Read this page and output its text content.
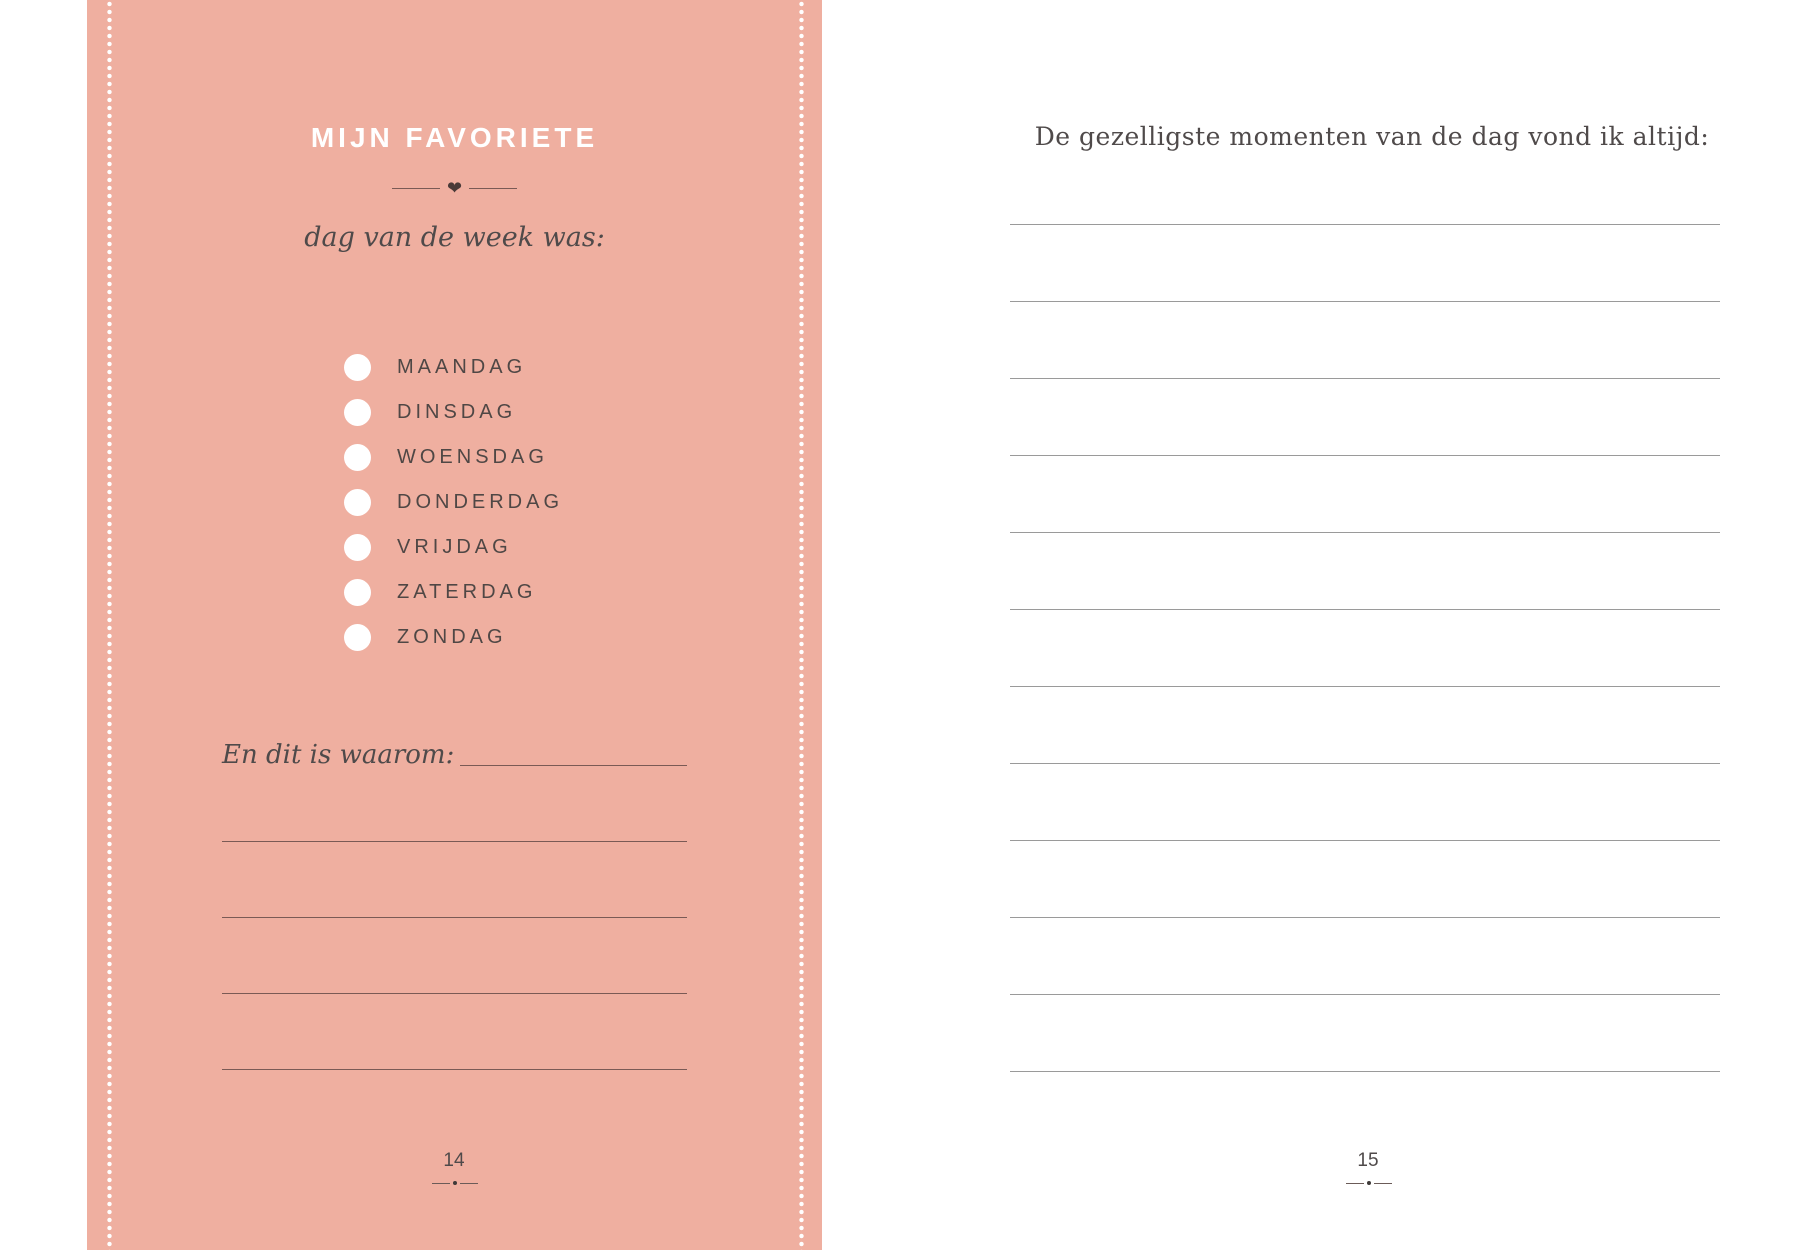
MIJN FAVORIETE
❤
dag van de week was:
MAANDAG
DINSDAG
WOENSDAG
DONDERDAG
VRIJDAG
ZATERDAG
ZONDAG
En dit is waarom:
14
De gezelligste momenten van de dag vond ik altijd:
15
